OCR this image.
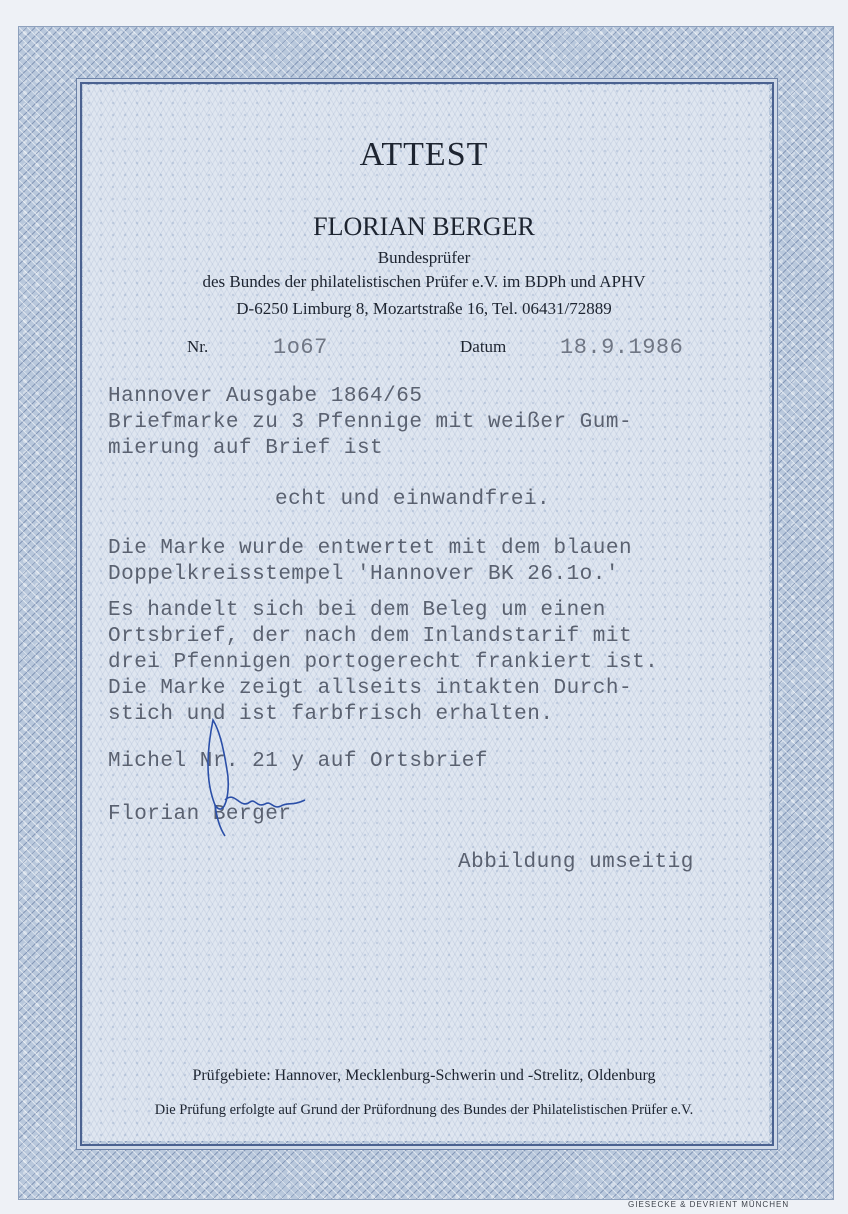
ATTEST
FLORIAN BERGER
Bundesprüfer
des Bundes der philatelistischen Prüfer e.V. im BDPh und APHV
D-6250 Limburg 8, Mozartstraße 16, Tel. 06431/72889
Nr.	1o67	Datum 18.9.1986
Hannover Ausgabe 1864/65
Briefmarke zu 3 Pfennige mit weißer Gum-
mierung auf Brief ist
echt und einwandfrei.
Die Marke wurde entwertet mit dem blauen
Doppelkreisstempel 'Hannover BK 26.1o.'
Es handelt sich bei dem Beleg um einen
Ortsbrief, der nach dem Inlandstarif mit
drei Pfennigen portogerecht frankiert ist.
Die Marke zeigt allseits intakten Durch-
stich und ist farbfrisch erhalten.
Michel Nr. 21 y auf Ortsbrief
Florian Berger
Abbildung umseitig
Prüfgebiete: Hannover, Mecklenburg-Schwerin und -Strelitz, Oldenburg
Die Prüfung erfolgte auf Grund der Prüfordnung des Bundes der Philatelistischen Prüfer e.V.
GIESECKE & DEVRIENT MÜNCHEN
